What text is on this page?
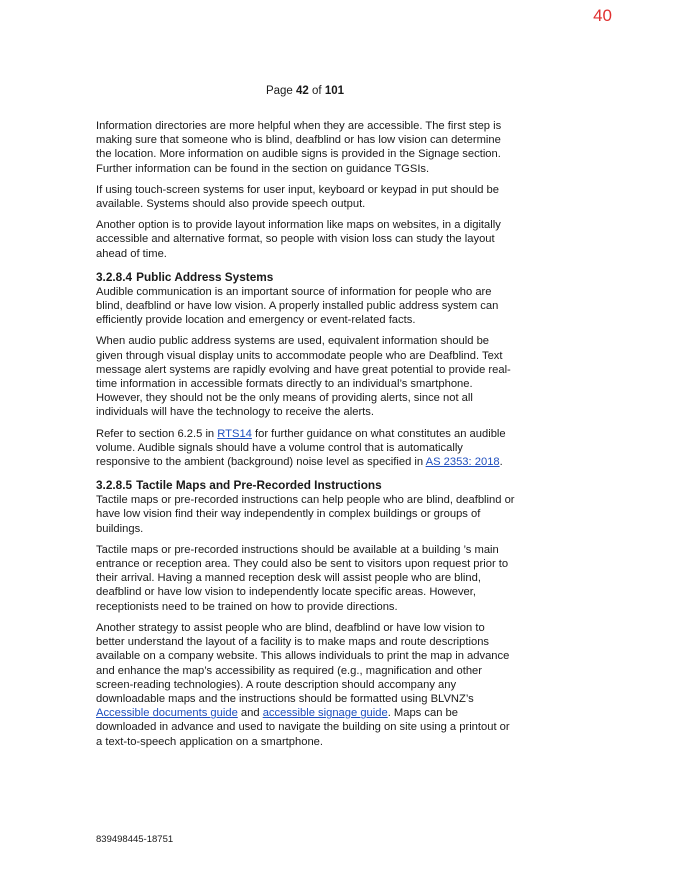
40
Page 42 of 101

Information directories are more helpful when they are accessible. The first step is making sure that someone who is blind, deafblind or has low vision can determine the location. More information on audible signs is provided in the Signage section. Further information can be found in the section on guidance TGSIs.

If using touch-screen systems for user input, keyboard or keypad in put should be available. Systems should also provide speech output.

Another option is to provide layout information like maps on websites, in a digitally accessible and alternative format, so people with vision loss can study the layout ahead of time.

3.2.8.4 Public Address Systems

Audible communication is an important source of information for people who are blind, deafblind or have low vision. A properly installed public address system can efficiently provide location and emergency or event-related facts.

When audio public address systems are used, equivalent information should be given through visual display units to accommodate people who are Deafblind. Text message alert systems are rapidly evolving and have great potential to provide real-time information in accessible formats directly to an individual’s smartphone. However, they should not be the only means of providing alerts, since not all individuals will have the technology to receive the alerts.

Refer to section 6.2.5 in RTS14 for further guidance on what constitutes an audible volume. Audible signals should have a volume control that is automatically responsive to the ambient (background) noise level as specified in AS 2353: 2018.

3.2.8.5 Tactile Maps and Pre-Recorded Instructions

Tactile maps or pre-recorded instructions can help people who are blind, deafblind or have low vision find their way independently in complex buildings or groups of buildings.

Tactile maps or pre-recorded instructions should be available at a building ’s main entrance or reception area. They could also be sent to visitors upon request prior to their arrival. Having a manned reception desk will assist people who are blind, deafblind or have low vision to independently locate specific areas. However, receptionists need to be trained on how to provide directions.

Another strategy to assist people who are blind, deafblind or have low vision to better understand the layout of a facility is to make maps and route descriptions available on a company website. This allows individuals to print the map in advance and enhance the map’s accessibility as required (e.g., magnification and other screen-reading technologies). A route description should accompany any downloadable maps and the instructions should be formatted using BLVNZ’s Accessible documents guide and accessible signage guide. Maps can be downloaded in advance and used to navigate the building on site using a printout or a text-to-speech application on a smartphone.

839498445-18751
